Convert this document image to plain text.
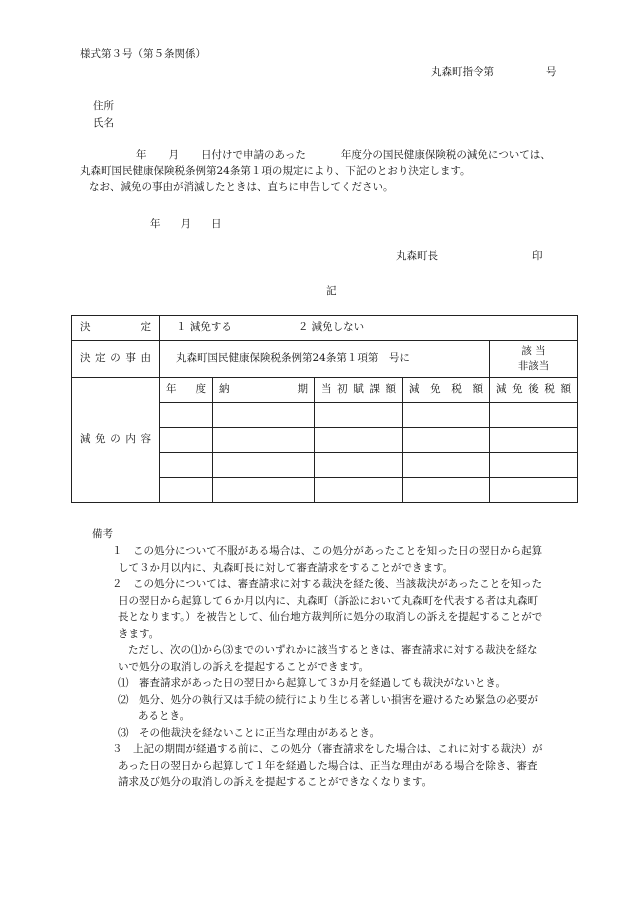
様式第３号（第５条関係）
丸森町指令第	号
住所
氏名
年 月 日付けで申請のあった	年度分の国民健康保険税の減免については、
丸森町国民健康保険税条例第24条第１項の規定により、下記のとおり決定します。
なお、減免の事由が消滅したときは、直ちに申告してください。
年 月 日
丸森町長	印
記
決定	１ 減免する ２ 減免しない				
決定の事由	丸森町国民健康保険税条例第24条第１項第　号に				該 当
非該当

減免の内容	年 度	納 期	当初賦課額	減免税額	減免後税額

備考
１　この処分について不服がある場合は、この処分があったことを知った日の翌日から起算
して３か月以内に、丸森町長に対して審査請求をすることができます。
２　この処分については、審査請求に対する裁決を経た後、当該裁決があったことを知った
日の翌日から起算して６か月以内に、丸森町（訴訟において丸森町を代表する者は丸森町
長となります。）を被告として、仙台地方裁判所に処分の取消しの訴えを提起することがで
きます。
ただし、次の⑴から⑶までのいずれかに該当するときは、審査請求に対する裁決を経な
いで処分の取消しの訴えを提起することができます。
⑴　審査請求があった日の翌日から起算して３か月を経過しても裁決がないとき。
⑵　処分、処分の執行又は手続の続行により生じる著しい損害を避けるため緊急の必要が
あるとき。
⑶　その他裁決を経ないことに正当な理由があるとき。
３　上記の期間が経過する前に、この処分（審査請求をした場合は、これに対する裁決）が
あった日の翌日から起算して１年を経過した場合は、正当な理由がある場合を除き、審査
請求及び処分の取消しの訴えを提起することができなくなります。
